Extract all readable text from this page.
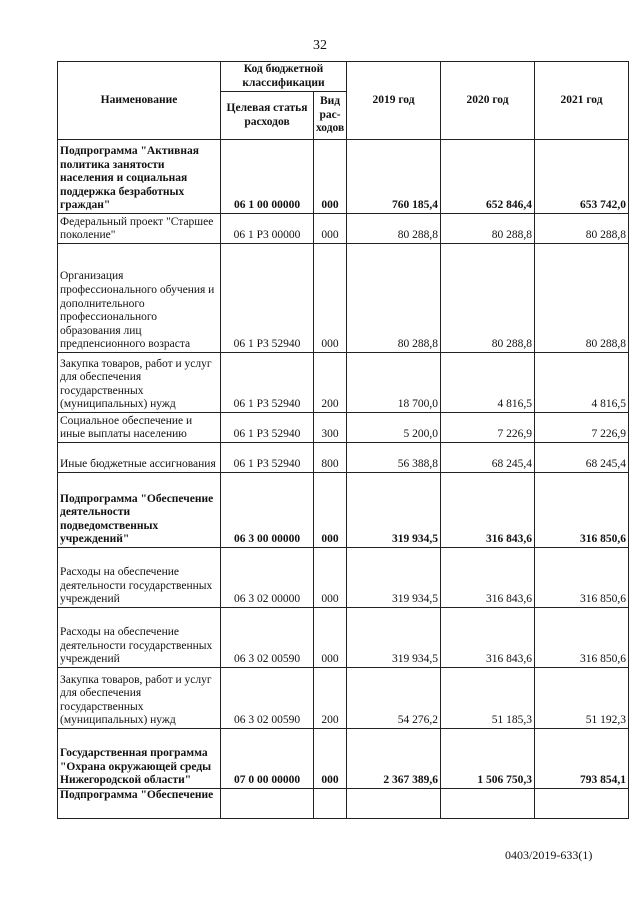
32
Наименование	Код бюджетной классификации		2019 год	2020 год	2021 год
	Целевая статья расходов	Вид рас- ходов			
Подпрограмма "Активная политика занятости населения и социальная поддержка безработных граждан"	06 1 00 00000	000	760 185,4	652 846,4	653 742,0
Федеральный проект "Старшее поколение"	06 1 P3 00000	000	80 288,8	80 288,8	80 288,8
Организация профессионального обучения и дополнительного профессионального образования лиц предпенсионного возраста	06 1 P3 52940	000	80 288,8	80 288,8	80 288,8
Закупка товаров, работ и услуг для обеспечения государственных (муниципальных) нужд	06 1 P3 52940	200	18 700,0	4 816,5	4 816,5
Социальное обеспечение и иные выплаты населению	06 1 P3 52940	300	5 200,0	7 226,9	7 226,9
Иные бюджетные ассигнования	06 1 P3 52940	800	56 388,8	68 245,4	68 245,4
Подпрограмма "Обеспечение деятельности подведомственных учреждений"	06 3 00 00000	000	319 934,5	316 843,6	316 850,6
Расходы на обеспечение деятельности государственных учреждений	06 3 02 00000	000	319 934,5	316 843,6	316 850,6
Расходы на обеспечение деятельности государственных учреждений	06 3 02 00590	000	319 934,5	316 843,6	316 850,6
Закупка товаров, работ и услуг для обеспечения государственных (муниципальных) нужд	06 3 02 00590	200	54 276,2	51 185,3	51 192,3
Государственная программа "Охрана окружающей среды Нижегородской области"	07 0 00 00000	000	2 367 389,6	1 506 750,3	793 854,1
Подпрограмма "Обеспечение					
0403/2019-633(1)
